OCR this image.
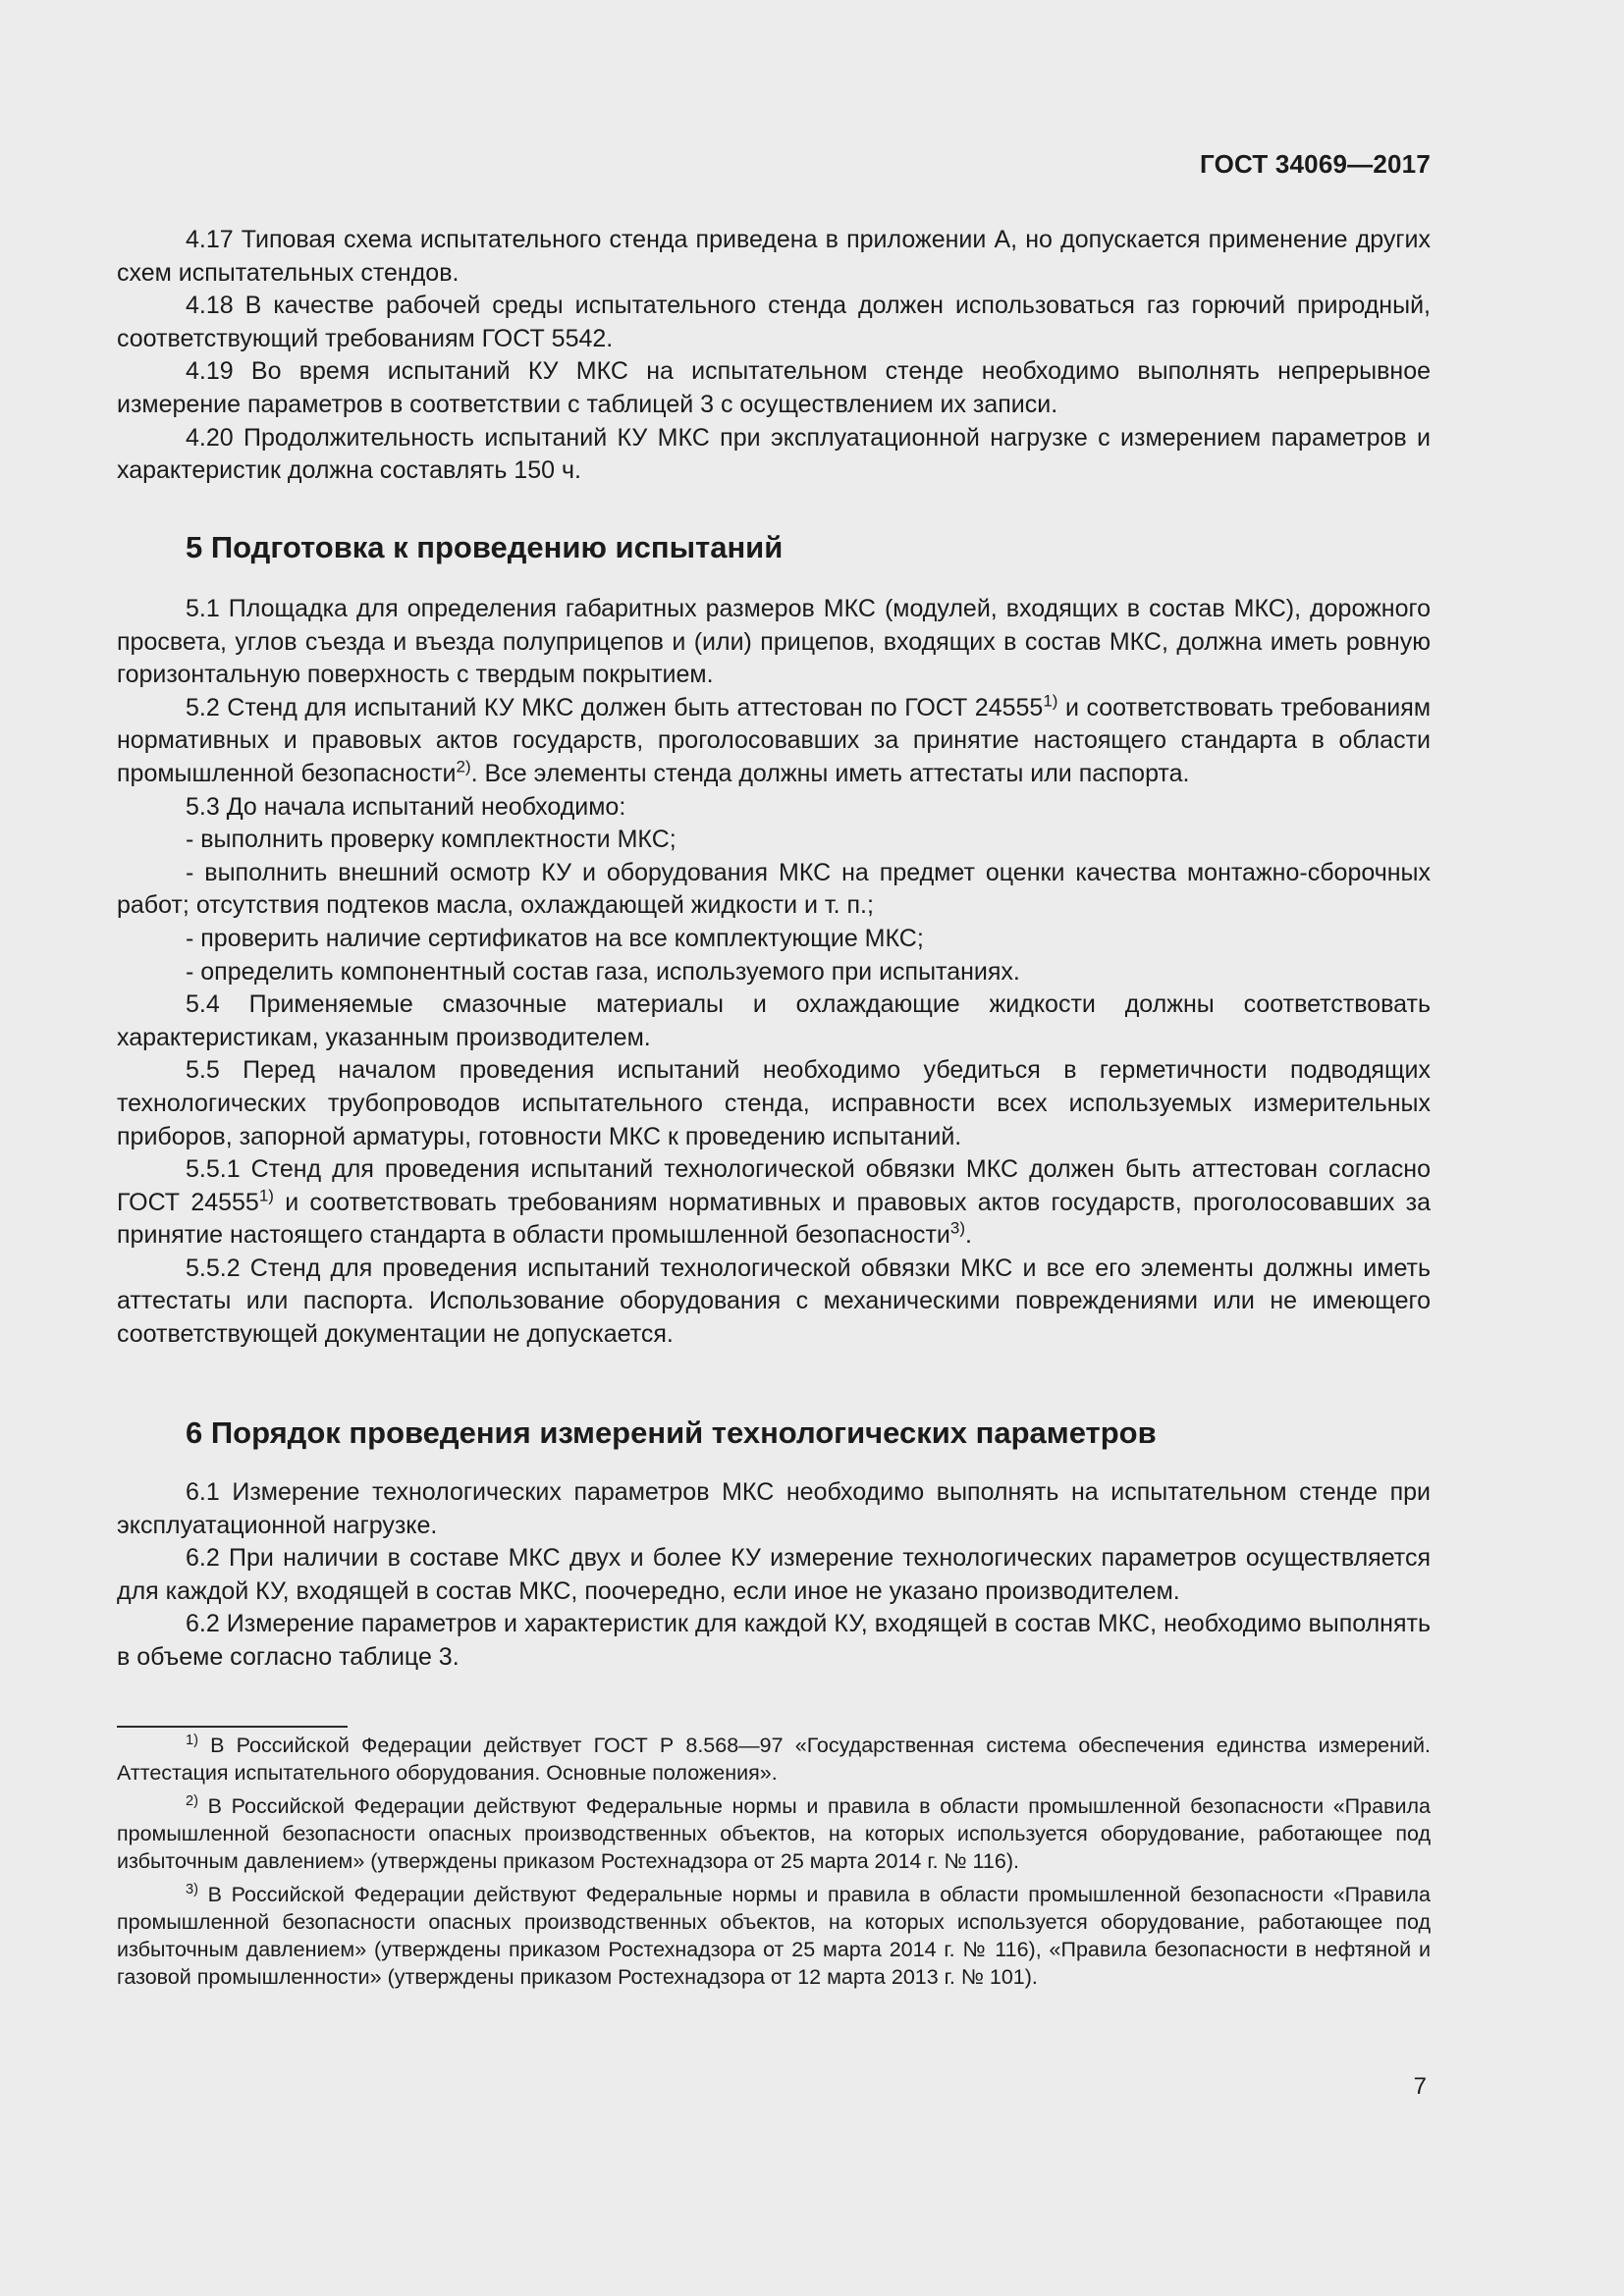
ГОСТ 34069—2017

4.17 Типовая схема испытательного стенда приведена в приложении А, но допускается применение других схем испытательных стендов.

4.18 В качестве рабочей среды испытательного стенда должен использоваться газ горючий природный, соответствующий требованиям ГОСТ 5542.

4.19 Во время испытаний КУ МКС на испытательном стенде необходимо выполнять непрерывное измерение параметров в соответствии с таблицей 3 с осуществлением их записи.

4.20 Продолжительность испытаний КУ МКС при эксплуатационной нагрузке с измерением параметров и характеристик должна составлять 150 ч.

5 Подготовка к проведению испытаний

5.1 Площадка для определения габаритных размеров МКС (модулей, входящих в состав МКС), дорожного просвета, углов съезда и въезда полуприцепов и (или) прицепов, входящих в состав МКС, должна иметь ровную горизонтальную поверхность с твердым покрытием.

5.2 Стенд для испытаний КУ МКС должен быть аттестован по ГОСТ 24555$^{1)}$ и соответствовать требованиям нормативных и правовых актов государств, проголосовавших за принятие настоящего стандарта в области промышленной безопасности$^{2)}$. Все элементы стенда должны иметь аттестаты или паспорта.

5.3 До начала испытаний необходимо:

- выполнить проверку комплектности МКС;

- выполнить внешний осмотр КУ и оборудования МКС на предмет оценки качества монтажно-сборочных работ; отсутствия подтеков масла, охлаждающей жидкости и т. п.;

- проверить наличие сертификатов на все комплектующие МКС;

- определить компонентный состав газа, используемого при испытаниях.

5.4 Применяемые смазочные материалы и охлаждающие жидкости должны соответствовать характеристикам, указанным производителем.

5.5 Перед началом проведения испытаний необходимо убедиться в герметичности подводящих технологических трубопроводов испытательного стенда, исправности всех используемых измерительных приборов, запорной арматуры, готовности МКС к проведению испытаний.

5.5.1 Стенд для проведения испытаний технологической обвязки МКС должен быть аттестован согласно ГОСТ 24555$^{1)}$ и соответствовать требованиям нормативных и правовых актов государств, проголосовавших за принятие настоящего стандарта в области промышленной безопасности$^{3)}$.

5.5.2 Стенд для проведения испытаний технологической обвязки МКС и все его элементы должны иметь аттестаты или паспорта. Использование оборудования с механическими повреждениями или не имеющего соответствующей документации не допускается.

6 Порядок проведения измерений технологических параметров

6.1 Измерение технологических параметров МКС необходимо выполнять на испытательном стенде при эксплуатационной нагрузке.

6.2 При наличии в составе МКС двух и более КУ измерение технологических параметров осуществляется для каждой КУ, входящей в состав МКС, поочередно, если иное не указано производителем.

6.2 Измерение параметров и характеристик для каждой КУ, входящей в состав МКС, необходимо выполнять в объеме согласно таблице 3.

$^{1)}$ В Российской Федерации действует ГОСТ Р 8.568—97 «Государственная система обеспечения единства измерений. Аттестация испытательного оборудования. Основные положения».

$^{2)}$ В Российской Федерации действуют Федеральные нормы и правила в области промышленной безопасности «Правила промышленной безопасности опасных производственных объектов, на которых используется оборудование, работающее под избыточным давлением» (утверждены приказом Ростехнадзора от 25 марта 2014 г. № 116).

$^{3)}$ В Российской Федерации действуют Федеральные нормы и правила в области промышленной безопасности «Правила промышленной безопасности опасных производственных объектов, на которых используется оборудование, работающее под избыточным давлением» (утверждены приказом Ростехнадзора от 25 марта 2014 г. № 116), «Правила безопасности в нефтяной и газовой промышленности» (утверждены приказом Ростехнадзора от 12 марта 2013 г. № 101).

7
